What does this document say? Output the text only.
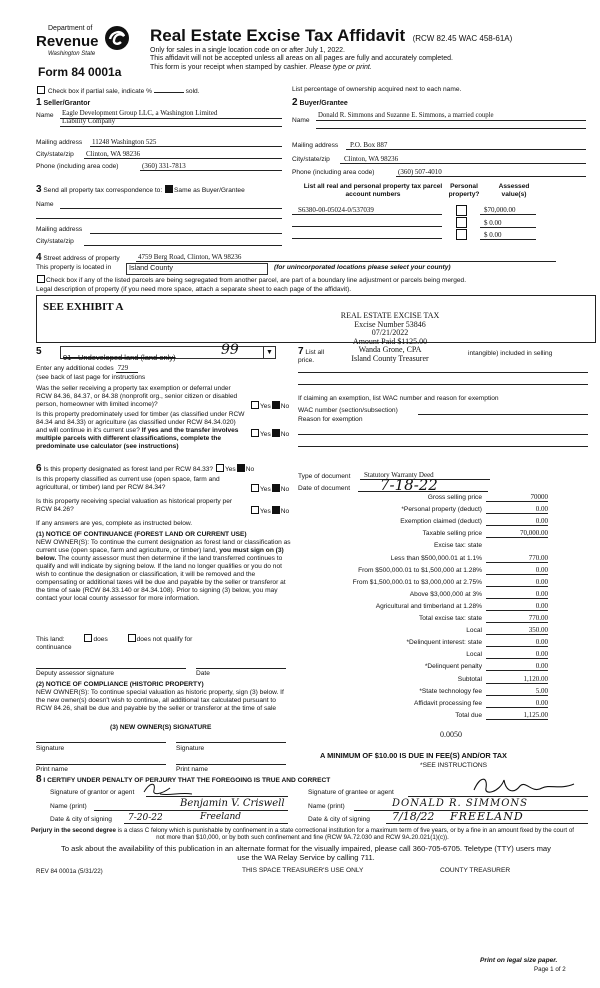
Department of
Revenue
Washington State
Form 84 0001a
Real Estate Excise Tax Affidavit (RCW 82.45 WAC 458-61A)
Only for sales in a single location code on or after July 1, 2022.
This affidavit will not be accepted unless all areas on all pages are fully and accurately completed.
This form is your receipt when stamped by cashier. Please type or print.
Check box if partial sale, indicate %	sold.	List percentage of ownership acquired next to each name.
1 Seller/Grantor
Name Eagle Development Group LLC, a Washington Limited
Liability Company
Mailing address 11248 Washington 525
City/state/zip Clinton, WA 98236
Phone (including area code)	(360) 331-7813
2 Buyer/Grantee
Name
Donald R. Simmons and Suzanne E. Simmons, a married couple
Mailing address P.O. Box 887
City/state/zip Clinton, WA 98236
Phone (including area code)	(360) 507-4010
3 Send all property tax correspondence to: Same as Buyer/Grantee
Name
Mailing address
City/state/zip
List all real and personal property tax parcel account numbers
Personal property?
Assessed value(s)
S6380-00-05024-0/537039	$70,000.00
$ 0.00
$ 0.00
4 Street address of property	4759 Berg Road, Clinton, WA 98236
This property is located in	Island County	(for unincorporated locations please select your county)
Check box if any of the listed parcels are being segregated from another parcel, are part of a boundary line adjustment or parcels being merged.
Legal description of property (if you need more space, attach a separate sheet to each page of the affidavit).
SEE EXHIBIT A
REAL ESTATE EXCISE TAX
Excise Number 53846
07/21/2022
Amount Paid $1125.00
Wanda Grone, CPA
Island County Treasurer
5
91 - Undeveloped land (land only)	99	▼
Enter any additional codes 729
(see back of last page for instructions
Was the seller receiving a property tax exemption or deferral under RCW 84.36, 84.37, or 84.38 (nonprofit org., senior citizen or disabled person, homeowner with limited income)?	Yes No
Is this property predominately used for timber (as classified under RCW 84.34 and 84.33) or agriculture (as classified under RCW 84.34.020) and will continue in it's current use? If yes and the transfer involves multiple parcels with different classifications, complete the predominate use calculator (see instructions)
Yes No
7 List all
price.
intangible) included in selling
If claiming an exemption, list WAC number and reason for exemption
WAC number (section/subsection)
Reason for exemption
6 Is this property designated as forest land per RCW 84.33? Yes No
Is this property classified as current use (open space, farm and agricultural, or timber) land per RCW 84.34?	Yes No
Is this property receiving special valuation as historical property per RCW 84.26?	Yes No
If any answers are yes, complete as instructed below.
(1) NOTICE OF CONTINUANCE (FOREST LAND OR CURRENT USE)
NEW OWNER(S): To continue the current designation as forest land or classification as current use (open space, farm and agriculture, or timber) land, you must sign on (3) below. The county assessor must then determine if the land transferred continues to qualify and will indicate by signing below. If the land no longer qualifies or you do not wish to continue the designation or classification, it will be removed and the compensating or additional taxes will be due and payable by the seller or transferor at the time of sale (RCW 84.33.140 or 84.34.108). Prior to signing (3) below, you may contact your local county assessor for more information.
This land:	does	does not qualify for
continuance
Deputy assessor signature	Date
(2) NOTICE OF COMPLIANCE (HISTORIC PROPERTY)
NEW OWNER(S): To continue special valuation as historic property, sign (3) below. If the new owner(s) doesn't wish to continue, all additional tax calculated pursuant to RCW 84.26, shall be due and payable by the seller or transferor at the time of sale
(3) NEW OWNER(S) SIGNATURE
Signature	Signature
Print name	Print name
Type of document Statutory Warranty Deed
Date of document 7-18-22
Gross selling price	70000
*Personal property (deduct)	0.00
Exemption claimed (deduct)	0.00
Taxable selling price	70,000.00
Excise tax: state
Less than $500,000.01 at 1.1%	770.00
From $500,000.01 to $1,500,000 at 1.28%	0.00
From $1,500,000.01 to $3,000,000 at 2.75%	0.00
Above $3,000,000 at 3%	0.00
Agricultural and timberland at 1.28%	0.00
Total excise tax: state	770.00
Local	350.00
*Delinquent interest: state	0.00
Local	0.00
*Delinquent penalty	0.00
Subtotal	1,120.00
*State technology fee	5.00
Affidavit processing fee	0.00
Total due	1,125.00
0.0050
A MINIMUM OF $10.00 IS DUE IN FEE(S) AND/OR TAX
*SEE INSTRUCTIONS
8 I CERTIFY UNDER PENALTY OF PERJURY THAT THE FOREGOING IS TRUE AND CORRECT
Signature of grantor or agent
Name (print)	Benjamin V. Criswell
Date & city of signing 7-20-22	Freeland
Signature of grantee or agent
Name (print)	DONALD R. SIMMONS
Date & city of signing 7/18/22 FREELAND
Perjury in the second degree is a class C felony which is punishable by confinement in a state correctional institution for a maximum term of five years, or by a fine in an amount fixed by the court of not more than $10,000, or by both such confinement and fine (RCW 9A.72.030 and RCW 9A.20.021(1)(c)).
To ask about the availability of this publication in an alternate format for the visually impaired, please call 360-705-6705. Teletype (TTY) users may use the WA Relay Service by calling 711.
REV 84 0001a (5/31/22)	THIS SPACE TREASURER'S USE ONLY	COUNTY TREASURER
Print on legal size paper.
Page 1 of 2
